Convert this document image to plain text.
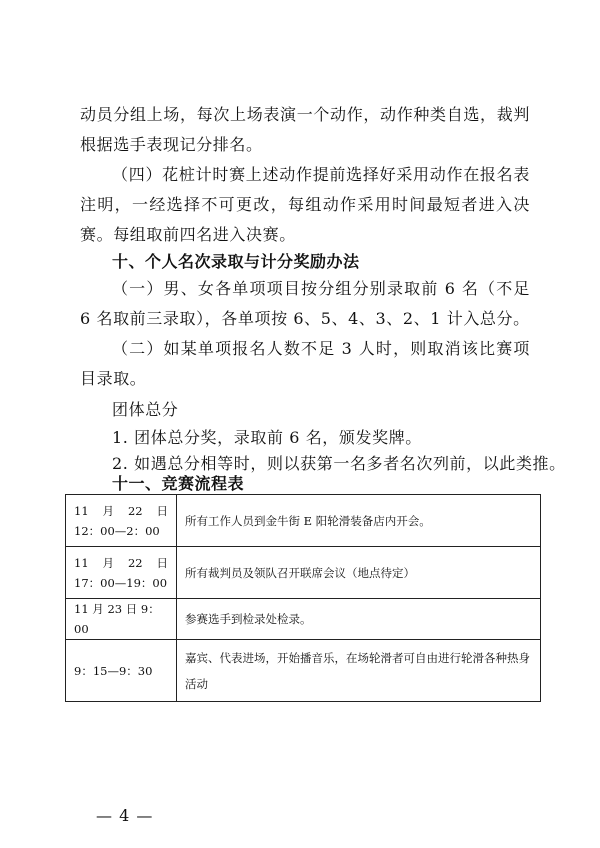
动员分组上场，每次上场表演一个动作，动作种类自选，裁判根据选手表现记分排名。

（四）花桩计时赛上述动作提前选择好采用动作在报名表注明，一经选择不可更改，每组动作采用时间最短者进入决赛。每组取前四名进入决赛。

十、个人名次录取与计分奖励办法

（一）男、女各单项项目按分组分别录取前 6 名（不足 6 名取前三录取），各单项按 6、5、4、3、2、1 计入总分。

（二）如某单项报名人数不足 3 人时，则取消该比赛项目录取。

团体总分

1. 团体总分奖，录取前 6 名，颁发奖牌。

2. 如遇总分相等时，则以获第一名多者名次列前，以此类推。

十一、竞赛流程表
11 月 22 日
12：00—2：00	所有工作人员到金牛街 E 阳轮滑装备店内开会。

11 月 22 日
17：00—19：00	所有裁判员及领队召开联席会议（地点待定）
11 月 23 日 9：00	参赛选手到检录处检录。
9：15—9：30	嘉宾、代表进场，开始播音乐，在场轮滑者可自由进行轮滑各种热身活动

— 4 —
